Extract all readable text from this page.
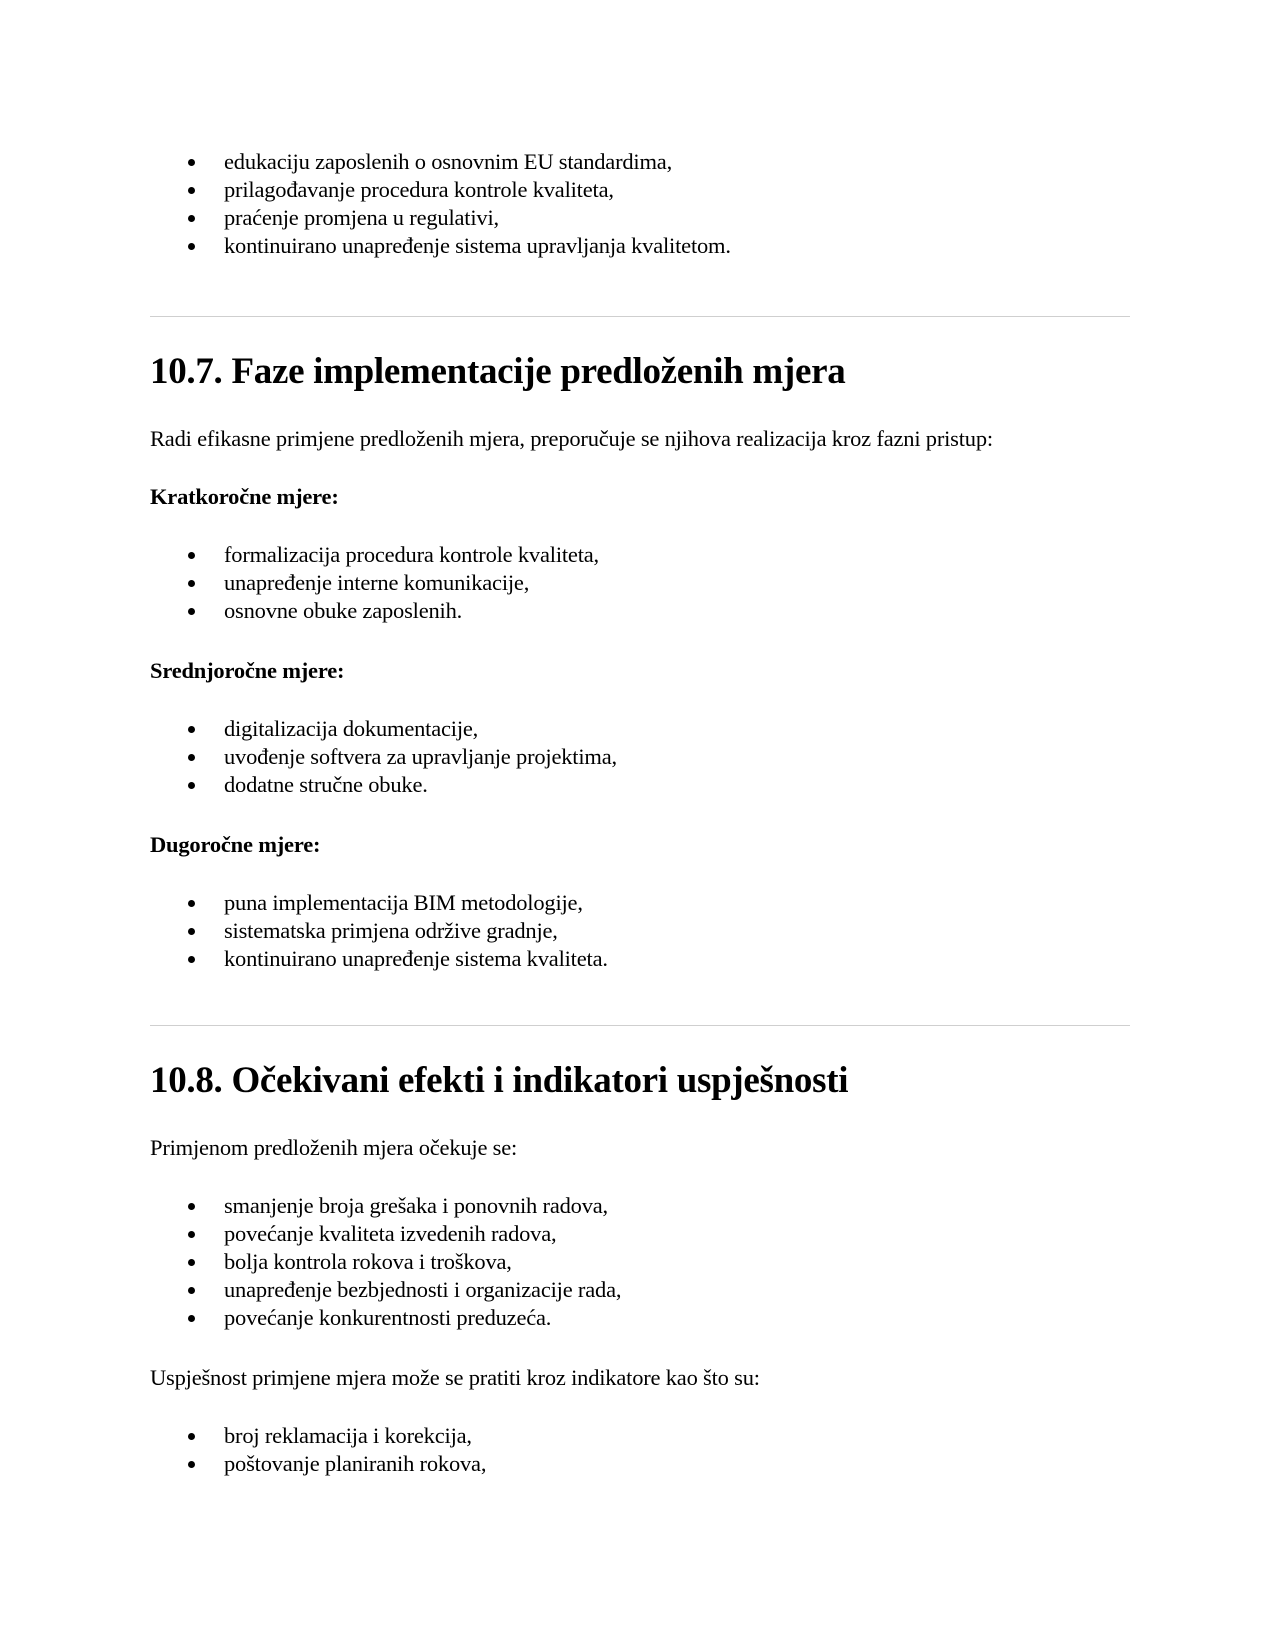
edukaciju zaposlenih o osnovnim EU standardima,
prilagođavanje procedura kontrole kvaliteta,
praćenje promjena u regulativi,
kontinuirano unapređenje sistema upravljanja kvalitetom.
10.7. Faze implementacije predloženih mjera
Radi efikasne primjene predloženih mjera, preporučuje se njihova realizacija kroz fazni pristup:
Kratkoročne mjere:
formalizacija procedura kontrole kvaliteta,
unapređenje interne komunikacije,
osnovne obuke zaposlenih.
Srednjoročne mjere:
digitalizacija dokumentacije,
uvođenje softvera za upravljanje projektima,
dodatne stručne obuke.
Dugoročne mjere:
puna implementacija BIM metodologije,
sistematska primjena održive gradnje,
kontinuirano unapređenje sistema kvaliteta.
10.8. Očekivani efekti i indikatori uspješnosti
Primjenom predloženih mjera očekuje se:
smanjenje broja grešaka i ponovnih radova,
povećanje kvaliteta izvedenih radova,
bolja kontrola rokova i troškova,
unapređenje bezbjednosti i organizacije rada,
povećanje konkurentnosti preduzeća.
Uspješnost primjene mjera može se pratiti kroz indikatore kao što su:
broj reklamacija i korekcija,
poštovanje planiranih rokova,
